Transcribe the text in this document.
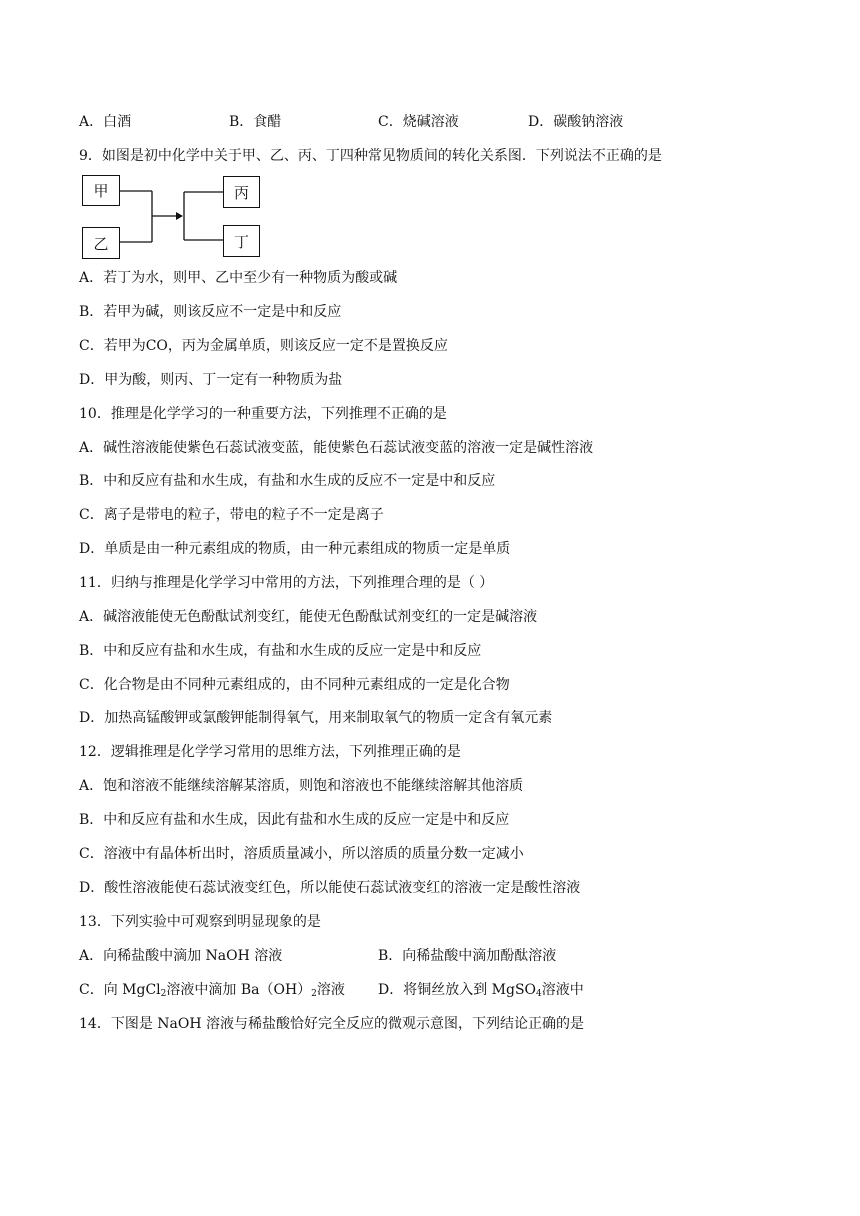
A．白酒	B．食醋	C．烧碱溶液	D．碳酸钠溶液
9．如图是初中化学中关于甲、乙、丙、丁四种常见物质间的转化关系图．下列说法不正确的是
甲
乙
丙
丁
A．若丁为水，则甲、乙中至少有一种物质为酸或碱
B．若甲为碱，则该反应不一定是中和反应
C．若甲为CO，丙为金属单质，则该反应一定不是置换反应
D．甲为酸，则丙、丁一定有一种物质为盐
10．推理是化学学习的一种重要方法，下列推理不正确的是
A．碱性溶液能使紫色石蕊试液变蓝，能使紫色石蕊试液变蓝的溶液一定是碱性溶液
B．中和反应有盐和水生成，有盐和水生成的反应不一定是中和反应
C．离子是带电的粒子，带电的粒子不一定是离子
D．单质是由一种元素组成的物质，由一种元素组成的物质一定是单质
11．归纳与推理是化学学习中常用的方法，下列推理合理的是（ ）
A．碱溶液能使无色酚酞试剂变红，能使无色酚酞试剂变红的一定是碱溶液
B．中和反应有盐和水生成，有盐和水生成的反应一定是中和反应
C．化合物是由不同种元素组成的，由不同种元素组成的一定是化合物
D．加热高锰酸钾或氯酸钾能制得氧气，用来制取氧气的物质一定含有氧元素
12．逻辑推理是化学学习常用的思维方法，下列推理正确的是
A．饱和溶液不能继续溶解某溶质，则饱和溶液也不能继续溶解其他溶质
B．中和反应有盐和水生成，因此有盐和水生成的反应一定是中和反应
C．溶液中有晶体析出时，溶质质量减小，所以溶质的质量分数一定减小
D．酸性溶液能使石蕊试液变红色，所以能使石蕊试液变红的溶液一定是酸性溶液
13．下列实验中可观察到明显现象的是
A．向稀盐酸中滴加 NaOH 溶液	B．向稀盐酸中滴加酚酞溶液
C．向 MgCl$_2$溶液中滴加 $Ba(OH)_2$溶液 D．将铜丝放入到 MgSO$_4$溶液中
14．下图是 NaOH 溶液与稀盐酸恰好完全反应的微观示意图，下列结论正确的是
